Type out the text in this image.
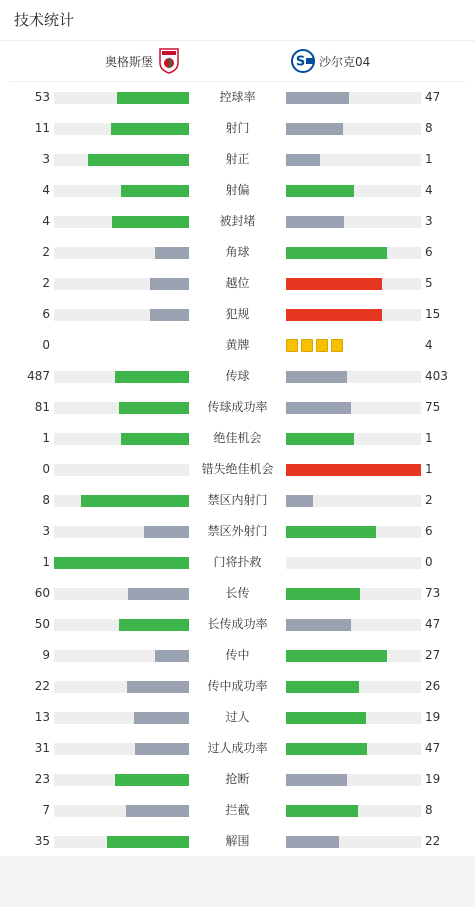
技术统计
奥格斯堡	S 沙尔克04
53	控球率	47
11	射门	8
3	射正	1
4	射偏	4
4	被封堵	3
2	角球	6
2	越位	5
6	犯规	15
0	黄牌	4
487	传球	403
81	传球成功率	75
1	绝佳机会	1
0	错失绝佳机会	1
8	禁区内射门	2
3	禁区外射门	6
1	门将扑救	0
60	长传	73
50	长传成功率	47
9	传中	27
22	传中成功率	26
13	过人	19
31	过人成功率	47
23	抢断	19
7	拦截	8
35	解围	22
